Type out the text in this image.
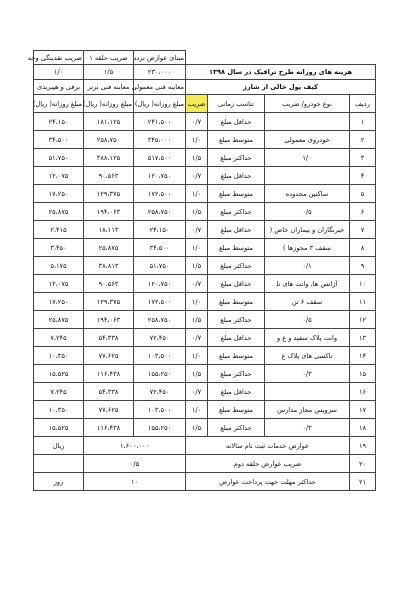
				مبنای عوارض تردد	ضریب حلقه ۱	ضریب نقدینگی وجه
هزینه های روزانه طرح ترافیک در سال ۱۳۹۸				۲۳۰،۰۰۰	۱/۵	۱/۰
کیف پول خالی از شارژ				معاینه فنی معمولی	معاینه فنی برتر	برقی و هیبریدی
ردیف	نوع خودرو/ ضریب	تناسب زمانی	ضریب	مبلغ روزانه( ریال)	مبلغ روزانه( ریال)	مبلغ روزانه( ریال)
۱		حداقل مبلغ	۰/۷	۲۴۱،۵۰۰	۱۸۱،۱۲۵	۲۴،۱۵۰
۲	خودروی معمولی	متوسط مبلغ	۱/۰	۳۴۵،۰۰۰	۲۵۸،۷۵۰	۳۴،۵۰۰
۳	۱/۰	حداکثر مبلغ	۱/۵	۵۱۷،۵۰۰	۳۸۸،۱۲۵	۵۱،۷۵۰
۴		حداقل مبلغ	۰/۷	۱۲۰،۷۵۰	۹۰،۵۶۳	۱۲،۰۷۵
۵	ساکنین محدوده	متوسط مبلغ	۱/۰	۱۷۲،۵۰۰	۱۲۹،۳۷۵	۱۷،۲۵۰
۶	۰/۵	حداکثر مبلغ	۱/۵	۲۵۸،۷۵۰	۱۹۴،۰۶۳	۲۵،۸۷۵
۷	خبرنگاران و بیماران خاص (	حداقل مبلغ	۰/۷	۲۴،۱۵۰	۱۸،۱۱۳	۲،۴۱۵
۸	سقف ۳ مجوزها )	متوسط مبلغ	۱/۰	۳۴،۵۰۰	۲۵،۸۷۵	۳،۴۵۰
۹	۰/۱	حداکثر مبلغ	۱/۵	۵۱،۷۵۰	۳۸،۸۱۳	۵،۱۷۵
۱۰	آژانس ها، وانت های تا	حداقل مبلغ	۰/۷	۱۲۰،۷۵۰	۹۰،۵۶۳	۱۲،۰۷۵
۱۱	سقف ۶ تن	متوسط مبلغ	۱/۰	۱۷۲،۵۰۰	۱۲۹،۳۷۵	۱۷،۲۵۰
۱۲	۰/۵	حداکثر مبلغ	۱/۵	۲۵۸،۷۵۰	۱۹۴،۰۶۳	۲۵،۸۷۵
۱۳	وانت پلاک سفید و ع و	حداقل مبلغ	۰/۷	۷۲،۴۵۰	۵۴،۳۳۸	۷،۲۴۵
۱۴	تاکسی های پلاک ع	متوسط مبلغ	۱/۰	۱۰۳،۵۰۰	۷۷،۶۲۵	۱۰،۳۵۰
۱۵	۰/۳	حداکثر مبلغ	۱/۵	۱۵۵،۲۵۰	۱۱۶،۴۳۸	۱۵،۵۲۵
۱۶		حداقل مبلغ	۰/۷	۷۲،۴۵۰	۵۴،۳۳۸	۷،۲۴۵
۱۷	سرویس مجاز مدارس	متوسط مبلغ	۱/۰	۱۰۳،۵۰۰	۷۷،۶۲۵	۱۰،۳۵۰
۱۸	۰/۳	حداکثر مبلغ	۱/۵	۱۵۵،۲۵۰	۱۱۶،۴۳۸	۱۵،۵۲۵
۱۹	عوارض خدمات ثبت نام سالانه			۱،۶۰۰،۰۰۰		ریال
۲۰	ضریب عوارض حلقه دوم			۰/۵		
۲۱	حداکثر مهلت جهت پرداخت عوارض			۱۰		روز
